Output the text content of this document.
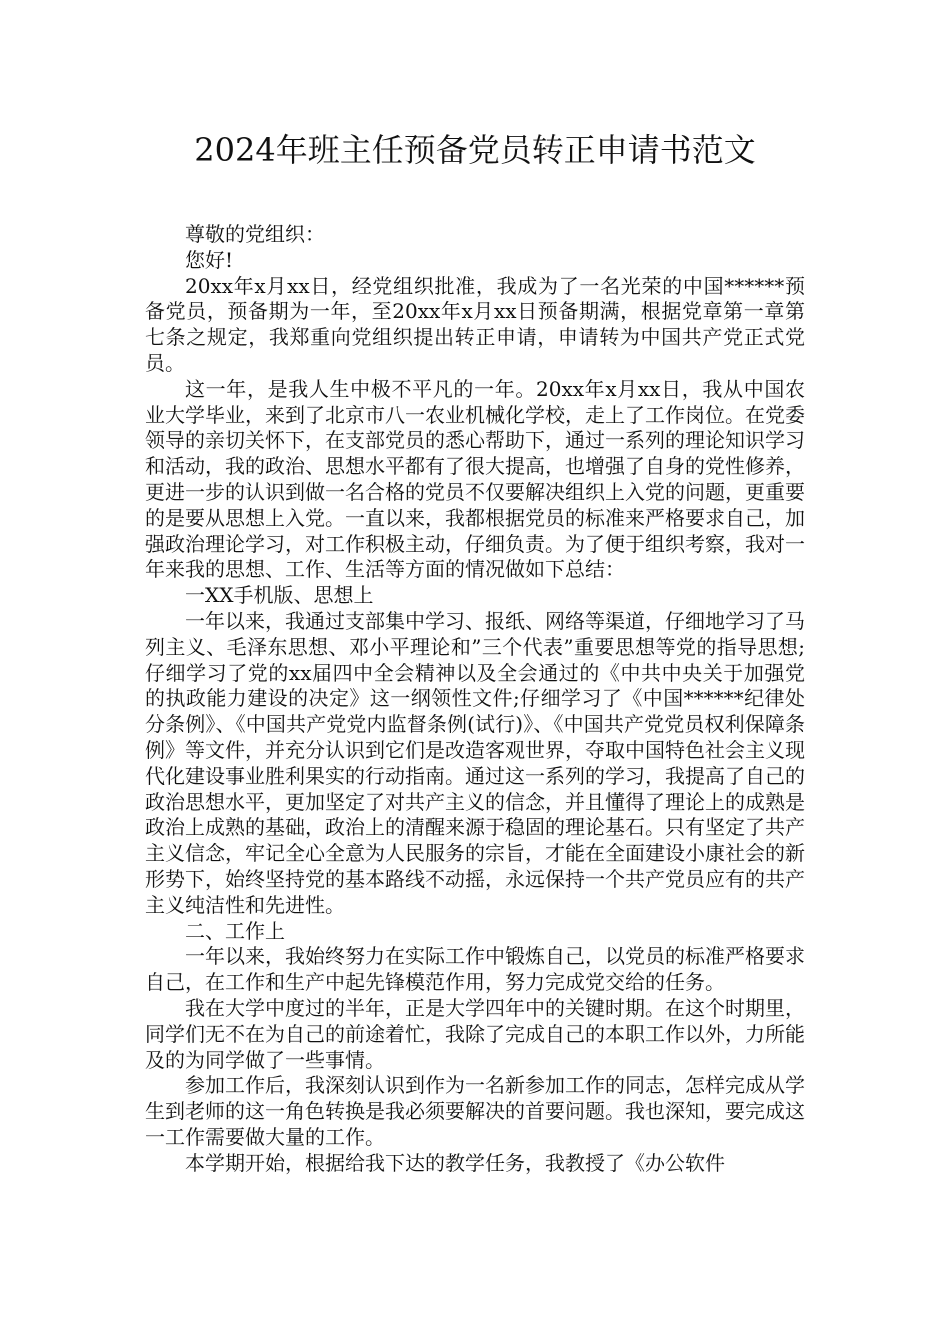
2024年班主任预备党员转正申请书范文

尊敬的党组织：

您好!

20xx年x月xx日，经党组织批准，我成为了一名光荣的中国******预备党员，预备期为一年，至20xx年x月xx日预备期满，根据党章第一章第七条之规定，我郑重向党组织提出转正申请，申请转为中国共产党正式党员。

这一年，是我人生中极不平凡的一年。20xx年x月xx日，我从中国农业大学毕业，来到了北京市八一农业机械化学校，走上了工作岗位。在党委领导的亲切关怀下，在支部党员的悉心帮助下，通过一系列的理论知识学习和活动，我的政治、思想水平都有了很大提高，也增强了自身的党性修养，更进一步的认识到做一名合格的党员不仅要解决组织上入党的问题，更重要的是要从思想上入党。一直以来，我都根据党员的标准来严格要求自己，加强政治理论学习，对工作积极主动，仔细负责。为了便于组织考察，我对一年来我的思想、工作、生活等方面的情况做如下总结：

一XX手机版、思想上

一年以来，我通过支部集中学习、报纸、网络等渠道，仔细地学习了马列主义、毛泽东思想、邓小平理论和”三个代表”重要思想等党的指导思想;仔细学习了党的xx届四中全会精神以及全会通过的《中共中央关于加强党的执政能力建设的决定》这一纲领性文件;仔细学习了《中国******纪律处分条例》、《中国共产党党内监督条例(试行)》、《中国共产党党员权利保障条例》等文件，并充分认识到它们是改造客观世界，夺取中国特色社会主义现代化建设事业胜利果实的行动指南。通过这一系列的学习，我提高了自己的政治思想水平，更加坚定了对共产主义的信念，并且懂得了理论上的成熟是政治上成熟的基础，政治上的清醒来源于稳固的理论基石。只有坚定了共产主义信念，牢记全心全意为人民服务的宗旨，才能在全面建设小康社会的新形势下，始终坚持党的基本路线不动摇，永远保持一个共产党员应有的共产主义纯洁性和先进性。

二、工作上

一年以来，我始终努力在实际工作中锻炼自己，以党员的标准严格要求自己，在工作和生产中起先锋模范作用，努力完成党交给的任务。

我在大学中度过的半年，正是大学四年中的关键时期。在这个时期里，同学们无不在为自己的前途着忙，我除了完成自己的本职工作以外，力所能及的为同学做了一些事情。

参加工作后，我深刻认识到作为一名新参加工作的同志，怎样完成从学生到老师的这一角色转换是我必须要解决的首要问题。我也深知，要完成这一工作需要做大量的工作。

本学期开始，根据给我下达的教学任务，我教授了《办公软件
